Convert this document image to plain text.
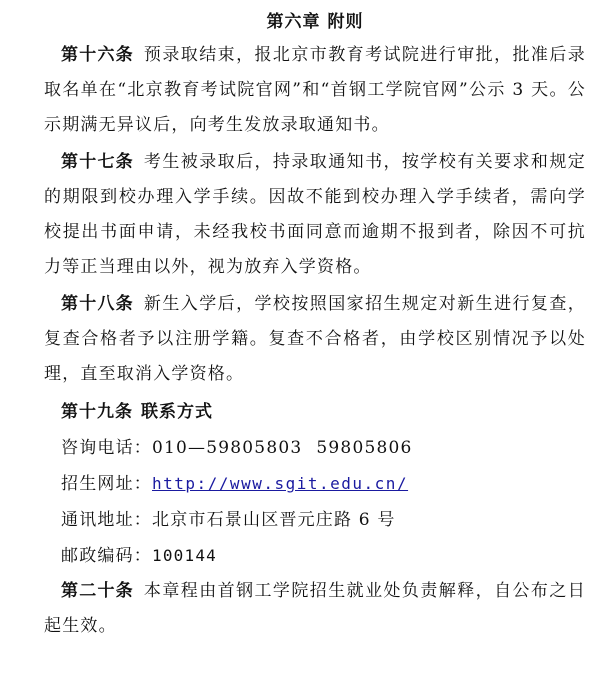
第六章 附则

第十六条 预录取结束，报北京市教育考试院进行审批，批准后录取名单在“北京教育考试院官网”和“首钢工学院官网”公示 3 天。公示期满无异议后，向考生发放录取通知书。

第十七条 考生被录取后，持录取通知书，按学校有关要求和规定的期限到校办理入学手续。因故不能到校办理入学手续者，需向学校提出书面申请，未经我校书面同意而逾期不报到者，除因不可抗力等正当理由以外，视为放弃入学资格。

第十八条 新生入学后，学校按照国家招生规定对新生进行复查，复查合格者予以注册学籍。复查不合格者，由学校区别情况予以处理，直至取消入学资格。

第十九条 联系方式
咨询电话：010—59805803 59805806
招生网址：http://www.sgit.edu.cn/
通讯地址：北京市石景山区晋元庄路 6 号
邮政编码：100144

第二十条 本章程由首钢工学院招生就业处负责解释，自公布之日起生效。
